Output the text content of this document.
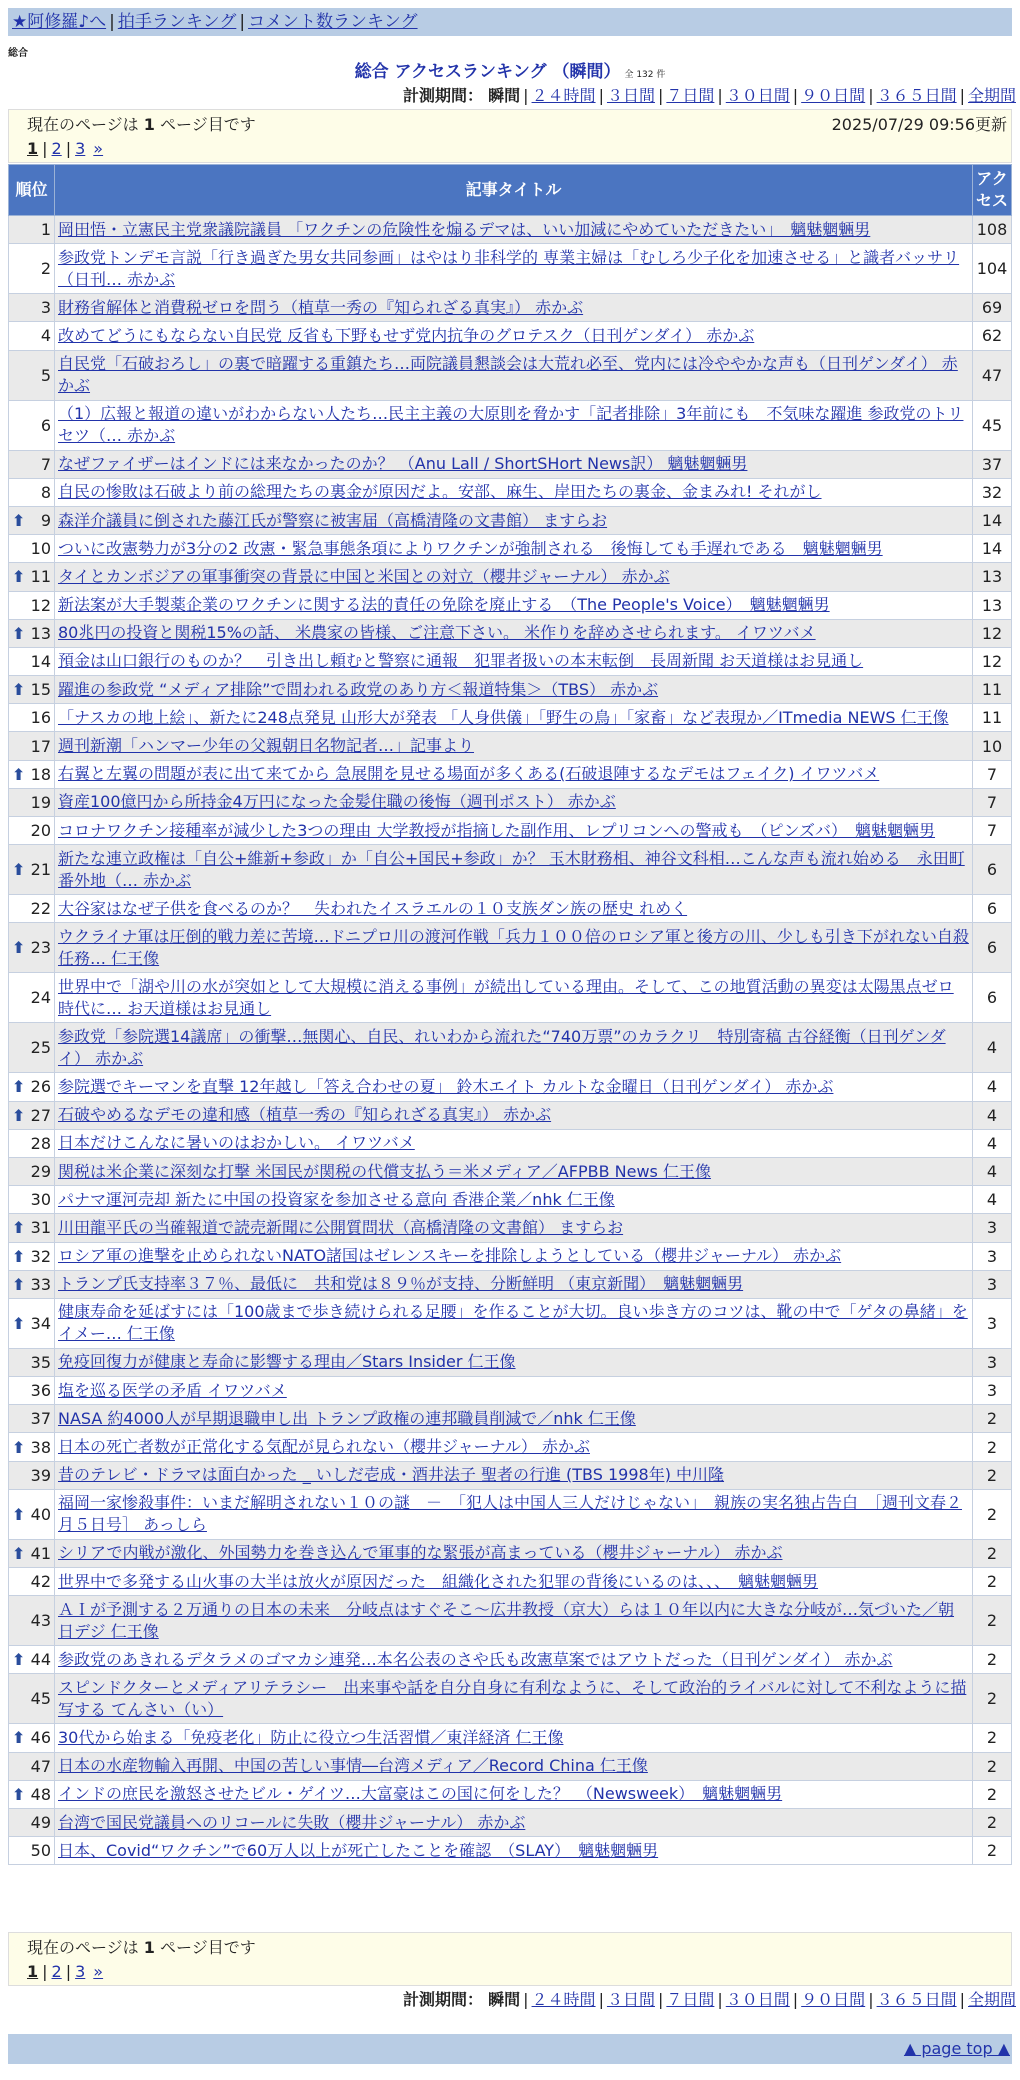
★阿修羅♪へ | 拍手ランキング | コメント数ランキング
総合
総合 アクセスランキング （瞬間） 全 132 件
計測期間： 瞬間 | ２４時間 | ３日間 | ７日間 | ３０日間 | ９０日間 | ３６５日間 | 全期間
現在のページは 1 ページ目です	2025/07/29 09:56更新
1 | 2 | 3 »
順位	記事タイトル	アクセス
1	岡田悟・立憲民主党衆議院議員 「ワクチンの危険性を煽るデマは、いい加減にやめていただきたい」　魑魅魍魎男	108
2	参政党トンデモ言説「行き過ぎた男女共同参画」はやはり非科学的 専業主婦は「むしろ少子化を加速させる」と識者バッサリ（日刊… 赤かぶ	104
3	財務省解体と消費税ゼロを問う（植草一秀の『知られざる真実』） 赤かぶ	69
4	改めてどうにもならない自民党 反省も下野もせず党内抗争のグロテスク（日刊ゲンダイ） 赤かぶ	62
5	自民党「石破おろし」の裏で暗躍する重鎮たち…両院議員懇談会は大荒れ必至、党内には冷ややかな声も（日刊ゲンダイ） 赤かぶ	47
6	（1）広報と報道の違いがわからない人たち…民主主義の大原則を脅かす「記者排除」3年前にも　不気味な躍進 参政党のトリセツ（… 赤かぶ	45
7	なぜファイザーはインドには来なかったのか？ （Anu Lall / ShortSHort News訳） 魑魅魍魎男	37
8	自民の惨敗は石破より前の総理たちの裏金が原因だよ。安部、麻生、岸田たちの裏金、金まみれ! それがし	32

⬆ 9	森洋介議員に倒された藤江氏が警察に被害届（高橋清隆の文書館） ますらお	14
10	ついに改憲勢力が3分の2 改憲・緊急事態条項によりワクチンが強制される　後悔しても手遅れである　魑魅魍魎男	14

⬆ 11	タイとカンボジアの軍事衝突の背景に中国と米国との対立（櫻井ジャーナル） 赤かぶ	13
12	新法案が大手製薬企業のワクチンに関する法的責任の免除を廃止する　（The People's Voice）　魑魅魍魎男	13

⬆ 13	80兆円の投資と関税15%の話、 米農家の皆様、ご注意下さい。 米作りを辞めさせられます。 イワツバメ	12
14	預金は山口銀行のものか？　引き出し頼むと警察に通報　犯罪者扱いの本末転倒　長周新聞 お天道様はお見通し	12

⬆ 15	躍進の参政党 “メディア排除”で問われる政党のあり方＜報道特集＞（TBS） 赤かぶ	11
16	「ナスカの地上絵」、新たに248点発見 山形大が発表 「人身供儀」「野生の鳥」「家畜」など表現か／ITmedia NEWS 仁王像	11
17	週刊新潮「ハンマー少年の父親朝日名物記者…」記事より	10

⬆ 18	右翼と左翼の問題が表に出て来てから 急展開を見せる場面が多くある(石破退陣するなデモはフェイク) イワツバメ	7
19	資産100億円から所持金4万円になった金髪住職の後悔（週刊ポスト） 赤かぶ	7
20	コロナワクチン接種率が減少した3つの理由 大学教授が指摘した副作用、レプリコンへの警戒も　（ピンズバ）　魑魅魍魎男	7

⬆ 21	新たな連立政権は「自公+維新+参政」か「自公+国民+参政」か？ 玉木財務相、神谷文科相…こんな声も流れ始める　永田町番外地（… 赤かぶ	6
22	大谷家はなぜ子供を食べるのか？　失われたイスラエルの１０支族ダン族の歴史 れめく	6

⬆ 23	ウクライナ軍は圧倒的戦力差に苦境…ドニプロ川の渡河作戦「兵力１００倍のロシア軍と後方の川、少しも引き下がれない自殺任務… 仁王像	6
24	世界中で「湖や川の水が突如として大規模に消える事例」が続出している理由。そして、この地質活動の異変は太陽黒点ゼロ時代に… お天道様はお見通し	6
25	参政党「参院選14議席」の衝撃…無関心、自民、れいわから流れた“740万票”のカラクリ　特別寄稿 古谷経衡（日刊ゲンダイ） 赤かぶ	4

⬆ 26	参院選でキーマンを直撃 12年越し「答え合わせの夏」 鈴木エイト カルトな金曜日（日刊ゲンダイ） 赤かぶ	4

⬆ 27	石破やめるなデモの違和感（植草一秀の『知られざる真実』） 赤かぶ	4
28	日本だけこんなに暑いのはおかしい。 イワツバメ	4
29	関税は米企業に深刻な打撃 米国民が関税の代償支払う＝米メディア／AFPBB News 仁王像	4
30	パナマ運河売却 新たに中国の投資家を参加させる意向 香港企業／nhk 仁王像	4

⬆ 31	川田龍平氏の当確報道で読売新聞に公開質問状（高橋清隆の文書館） ますらお	3

⬆ 32	ロシア軍の進撃を止められないNATO諸国はゼレンスキーを排除しようとしている（櫻井ジャーナル） 赤かぶ	3

⬆ 33	トランプ氏支持率３７％、最低に　共和党は８９％が支持、分断鮮明 （東京新聞）　魑魅魍魎男	3

⬆ 34	健康寿命を延ばすには「100歳まで歩き続けられる足腰」を作ることが大切。良い歩き方のコツは、靴の中で「ゲタの鼻緒」をイメー… 仁王像	3
35	免疫回復力が健康と寿命に影響する理由／Stars Insider 仁王像	3
36	塩を巡る医学の矛盾 イワツバメ	3
37	NASA 約4000人が早期退職申し出 トランプ政権の連邦職員削減で／nhk 仁王像	2

⬆ 38	日本の死亡者数が正常化する気配が見られない（櫻井ジャーナル） 赤かぶ	2
39	昔のテレビ・ドラマは面白かった _ いしだ壱成・酒井法子 聖者の行進 (TBS 1998年) 中川隆	2

⬆ 40	福岡一家惨殺事件：いまだ解明されない１０の謎　－　「犯人は中国人三人だけじゃない」　親族の実名独占告白　［週刊文春２月５日号］ あっしら	2

⬆ 41	シリアで内戦が激化、外国勢力を巻き込んで軍事的な緊張が高まっている（櫻井ジャーナル） 赤かぶ	2
42	世界中で多発する山火事の大半は放火が原因だった　組織化された犯罪の背後にいるのは、、、　魑魅魍魎男	2
43	ＡＩが予測する２万通りの日本の未来　分岐点はすぐそこ～広井教授（京大）らは１０年以内に大きな分岐が…気づいた／朝日デジ 仁王像	2

⬆ 44	参政党のあきれるデタラメのゴマカシ連発…本名公表のさや氏も改憲草案ではアウトだった（日刊ゲンダイ） 赤かぶ	2
45	スピンドクターとメディアリテラシー　出来事や話を自分自身に有利なように、そして政治的ライバルに対して不利なように描写する てんさい（い）	2

⬆ 46	30代から始まる「免疫老化」防止に役立つ生活習慣／東洋経済 仁王像	2
47	日本の水産物輸入再開、中国の苦しい事情―台湾メディア／Record China 仁王像	2

⬆ 48	インドの庶民を激怒させたビル・ゲイツ…大富豪はこの国に何をした？　（Newsweek）　魑魅魍魎男	2
49	台湾で国民党議員へのリコールに失敗（櫻井ジャーナル） 赤かぶ	2
50	日本、Covid“ワクチン”で60万人以上が死亡したことを確認　（SLAY）　魑魅魍魎男	2
計測期間： 瞬間 | ２４時間 | ３日間 | ７日間 | ３０日間 | ９０日間 | ３６５日間 | 全期間
現在のページは 1 ページ目です
1 | 2 | 3 »
▲ page top ▲
